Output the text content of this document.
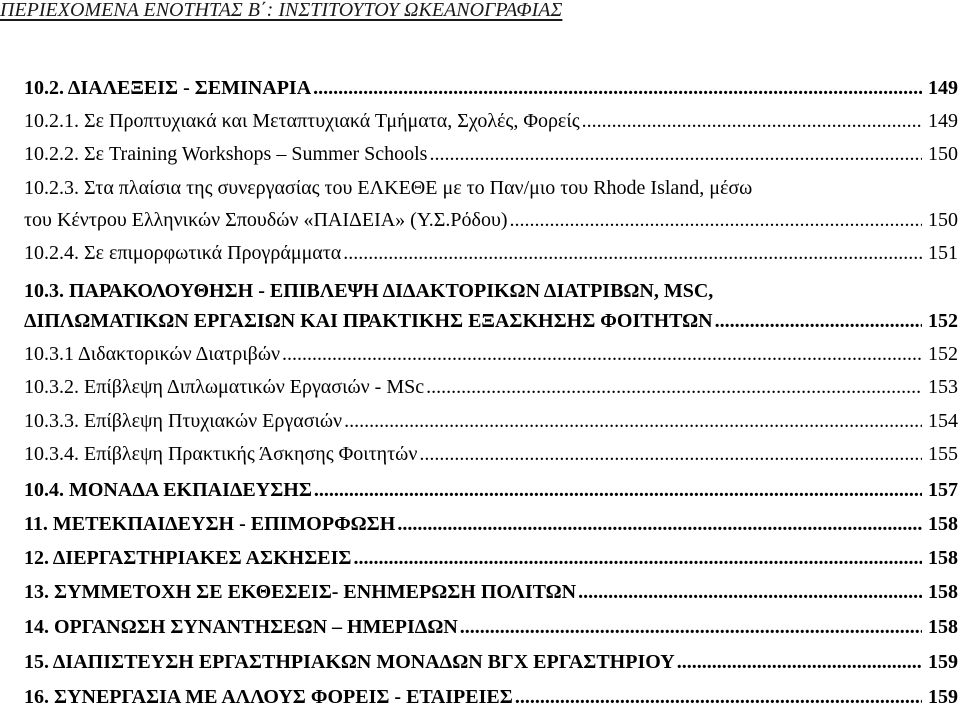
ΠΕΡΙΕΧΟΜΕΝΑ ΕΝΟΤΗΤΑΣ Β΄: ΙΝΣΤΙΤΟΥΤΟΥ ΩΚΕΑΝΟΓΡΑΦΙΑΣ
10.2. ΔΙΑΛΕΞΕΙΣ - ΣΕΜΙΝΑΡΙΑ .....	149
10.2.1. Σε Προπτυχιακά και Μεταπτυχιακά Τμήματα, Σχολές, Φορείς .....	149
10.2.2. Σε Training Workshops – Summer Schools .....	150
10.2.3. Στα πλαίσια της συνεργασίας του ΕΛΚΕΘΕ με το Παν/μιο του Rhode Island, μέσω
του Κέντρου Ελληνικών Σπουδών «ΠΑΙΔΕΙΑ» (Υ.Σ.Ρόδου) .....	150
10.2.4. Σε επιμορφωτικά Προγράμματα .....	151
10.3. ΠΑΡΑΚΟΛΟΥΘΗΣΗ - ΕΠΙΒΛΕΨΗ ΔΙΔΑΚΤΟΡΙΚΩΝ ΔΙΑΤΡΙΒΩΝ, MSC,
ΔΙΠΛΩΜΑΤΙΚΩΝ ΕΡΓΑΣΙΩΝ ΚΑΙ ΠΡΑΚΤΙΚΗΣ ΕΞΑΣΚΗΣΗΣ ΦΟΙΤΗΤΩΝ .....	152
10.3.1 Διδακτορικών Διατριβών .....	152
10.3.2. Επίβλεψη Διπλωματικών Εργασιών - MSc .....	153
10.3.3. Επίβλεψη Πτυχιακών Εργασιών .....	154
10.3.4. Επίβλεψη Πρακτικής Άσκησης Φοιτητών .....	155
10.4. ΜΟΝΑΔΑ ΕΚΠΑΙΔΕΥΣΗΣ .....	157
11. ΜΕΤΕΚΠΑΙΔΕΥΣΗ - ΕΠΙΜΟΡΦΩΣΗ .....	158
12. ΔΙΕΡΓΑΣΤΗΡΙΑΚΕΣ ΑΣΚΗΣΕΙΣ .....	158
13. ΣΥΜΜΕΤΟΧΗ ΣΕ ΕΚΘΕΣΕΙΣ- ΕΝΗΜΕΡΩΣΗ ΠΟΛΙΤΩΝ .....	158
14. ΟΡΓΑΝΩΣΗ ΣΥΝΑΝΤΗΣΕΩΝ – ΗΜΕΡΙΔΩΝ .....	158
15. ΔΙΑΠΙΣΤΕΥΣΗ ΕΡΓΑΣΤΗΡΙΑΚΩΝ ΜΟΝΑΔΩΝ ΒΓΧ ΕΡΓΑΣΤΗΡΙΟΥ .....	159
16. ΣΥΝΕΡΓΑΣΙΑ ΜΕ ΑΛΛΟΥΣ ΦΟΡΕΙΣ - ΕΤΑΙΡΕΙΕΣ .....	159
